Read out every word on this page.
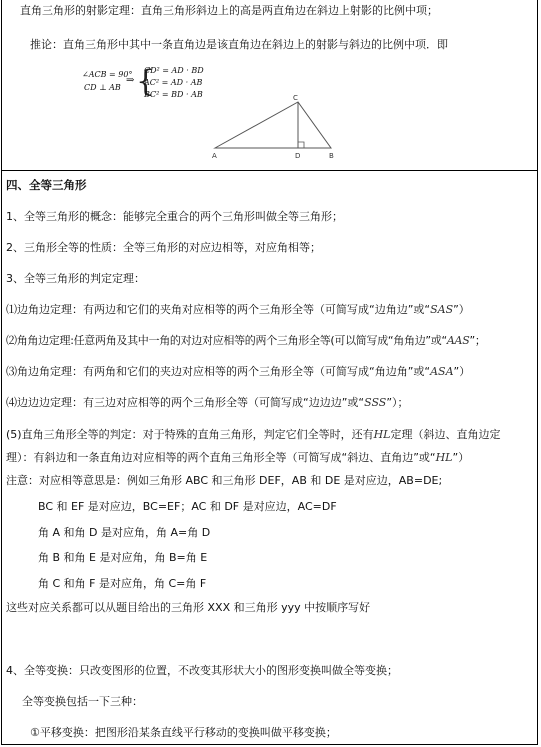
直角三角形的射影定理：直角三角形斜边上的高是两直角边在斜边上射影的比例中项；
推论：直角三角形中其中一条直角边是该直角边在斜边上的射影与斜边的比例中项．即
∠ACB = 90°
CD ⊥ AB
⇒ {
CD² = AD · BD
AC² = AD · AB
BC² = BD · AB
A
C
D	B
四、全等三角形
1、全等三角形的概念：能够完全重合的两个三角形叫做全等三角形；
2、三角形全等的性质：全等三角形的对应边相等，对应角相等；
3、全等三角形的判定定理：
⑴边角边定理：有两边和它们的夹角对应相等的两个三角形全等（可简写成“边角边”或“SAS”）
⑵角角边定理:任意两角及其中一角的对边对应相等的两个三角形全等(可以简写成“角角边”或“AAS”；
⑶角边角定理：有两角和它们的夹边对应相等的两个三角形全等（可简写成“角边角”或“ASA”）
⑷边边边定理：有三边对应相等的两个三角形全等（可简写成“边边边”或“SSS”）；
(5)直角三角形全等的判定：对于特殊的直角三角形，判定它们全等时，还有HL定理（斜边、直角边定
理）：有斜边和一条直角边对应相等的两个直角三角形全等（可简写成“斜边、直角边”或“HL”）
注意：对应相等意思是：例如三角形 ABC 和三角形 DEF，AB 和 DE 是对应边，AB=DE;
BC 和 EF 是对应边，BC=EF；AC 和 DF 是对应边，AC=DF
角 A 和角 D 是对应角，角 A=角 D
角 B 和角 E 是对应角，角 B=角 E
角 C 和角 F 是对应角，角 C=角 F
这些对应关系都可以从题目给出的三角形 XXX 和三角形 yyy 中按顺序写好
4、全等变换：只改变图形的位置，不改变其形状大小的图形变换叫做全等变换；
全等变换包括一下三种：
①平移变换：把图形沿某条直线平行移动的变换叫做平移变换；
